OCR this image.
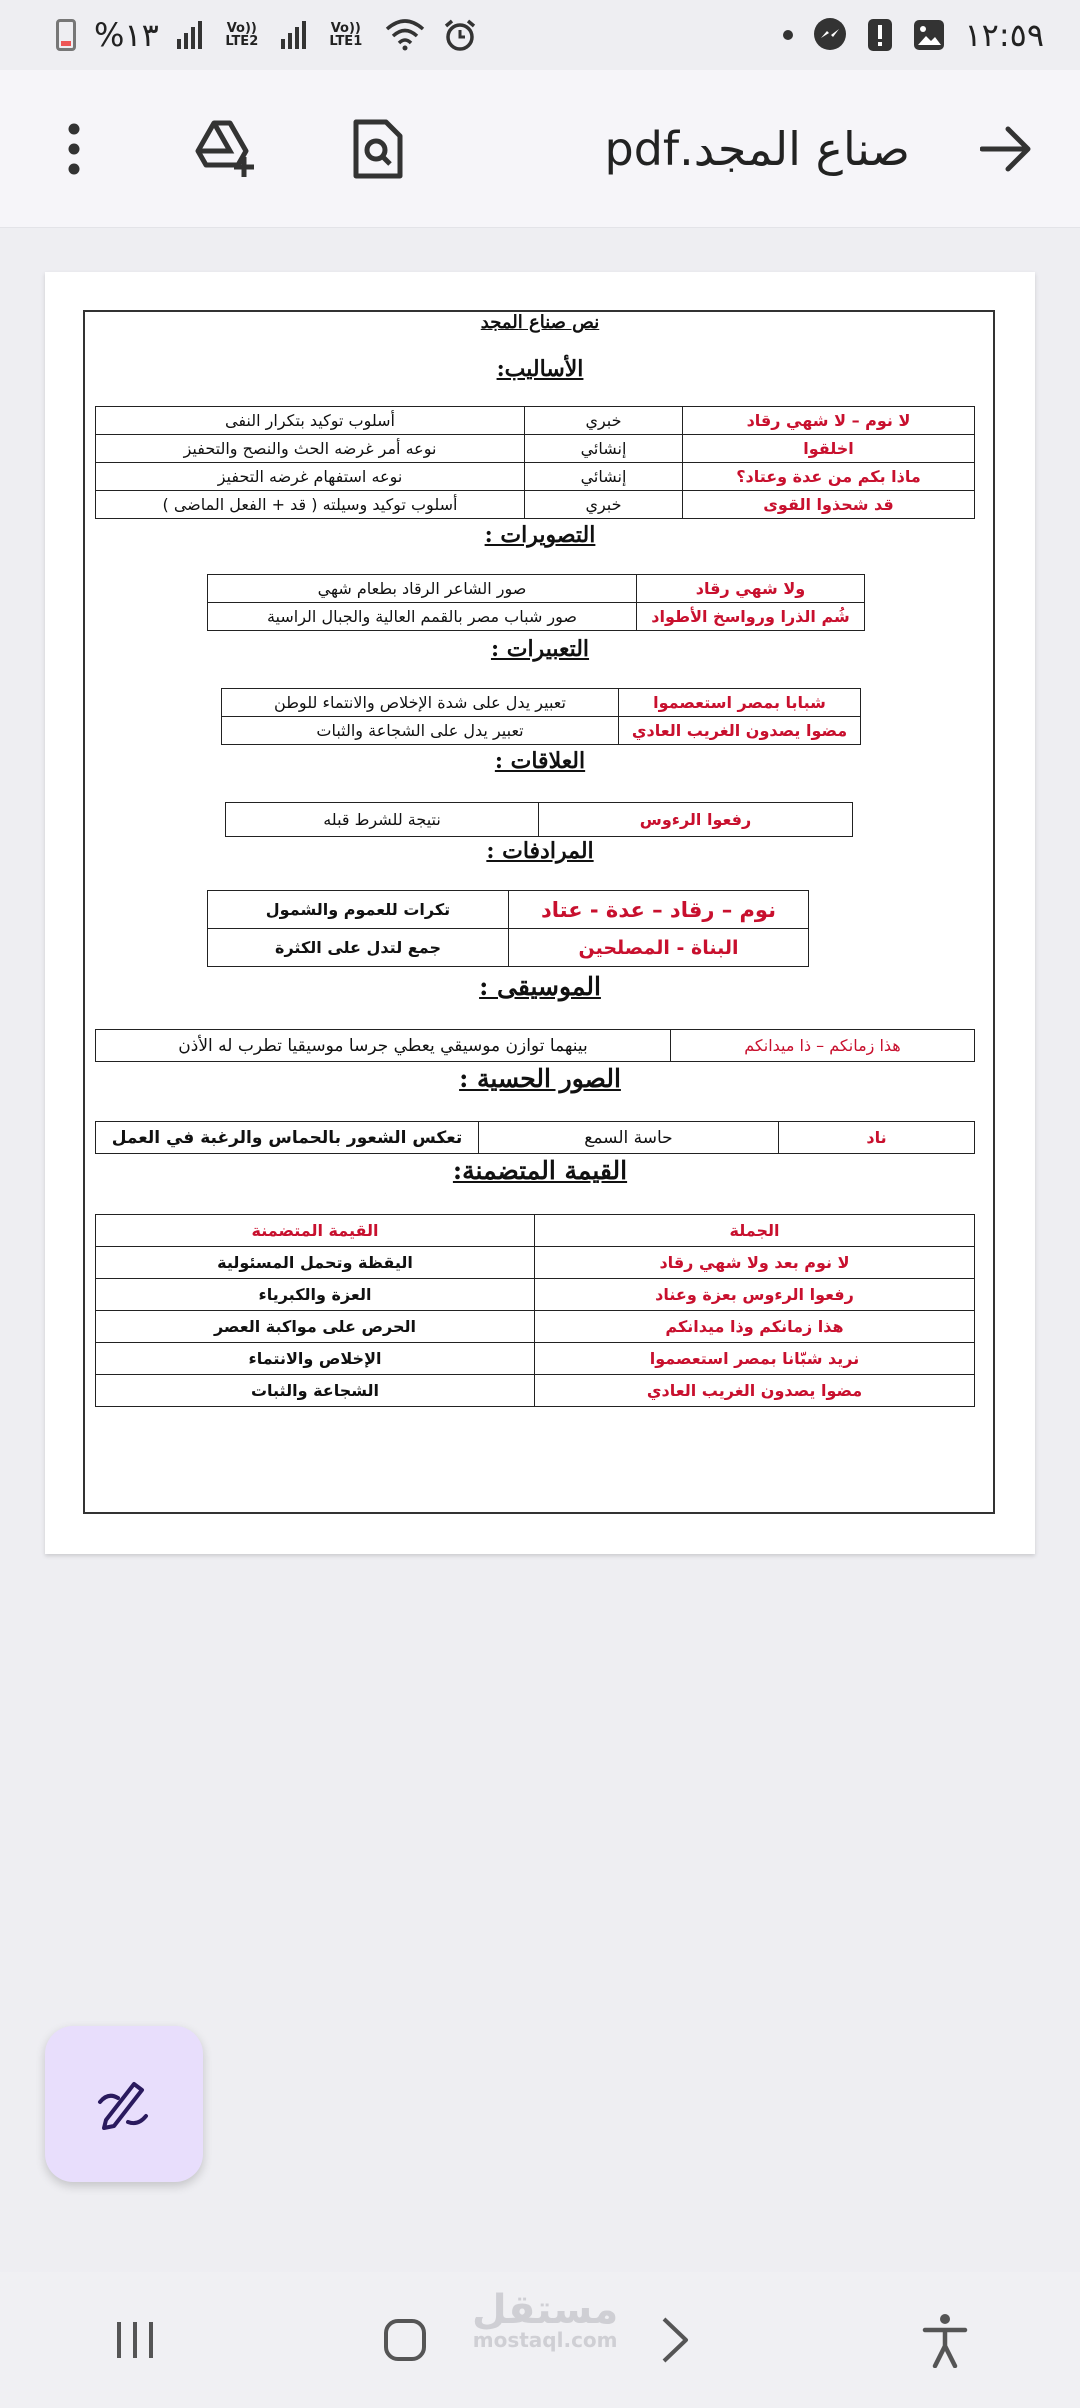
%١٣	Vo)) LTE2
Vo)) LTE1	١٢:٥٩
صناع المجد.pdf
نص صناع المجد
الأساليب:
لا نوم – لا شهي رقاد	خبري	أسلوب توكيد بتكرار النفى
اخلقوا	إنشائي	نوعه أمر غرضه الحث والنصح والتحفيز
ماذا بكم من عدة وعتاد؟	إنشائي	نوعه استفهام غرضه التحفيز
قد شحذوا القوى	خبري	أسلوب توكيد وسيلته ( قد + الفعل الماضى )
التصويرات :
ولا شهي رقاد	صور الشاعر الرقاد بطعام شهي
شُم الذرا ورواسخ الأطواد	صور شباب مصر بالقمم العالية والجبال الراسية
التعبيرات :
شبابا بمصر استعصموا	تعبير يدل على شدة الإخلاص والانتماء للوطن
مضوا يصدون الغريب العادي	تعبير يدل على الشجاعة والثبات
العلاقات :
رفعوا الرءوس	نتيجة للشرط قبله
المرادفات :
نوم – رقاد – عدة - عتاد	تكرات للعموم والشمول
البناة - المصلحين	جمع لتدل على الكثرة
الموسيقى :
هذا زمانكم – ذا ميدانكم	بينهما توازن موسيقي يعطي جرسا موسيقيا تطرب له الأذن
الصور الحسية :
ناد	حاسة السمع	تعكس الشعور بالحماس والرغبة في العمل
القيمة المتضمنة:
الجملة	القيمة المتضمنة
لا نوم بعد ولا شهي رقاد	اليقظة وتحمل المسئولية
رفعوا الرءوس بعزة وعناد	العزة والكبرياء
هذا زمانكم وذا ميدانكم	الحرص على مواكبة العصر
نريد شبّانا بمصر استعصموا	الإخلاص والانتماء
مضوا يصدون الغريب العادي	الشجاعة والثبات
مستقل
mostaql.com
